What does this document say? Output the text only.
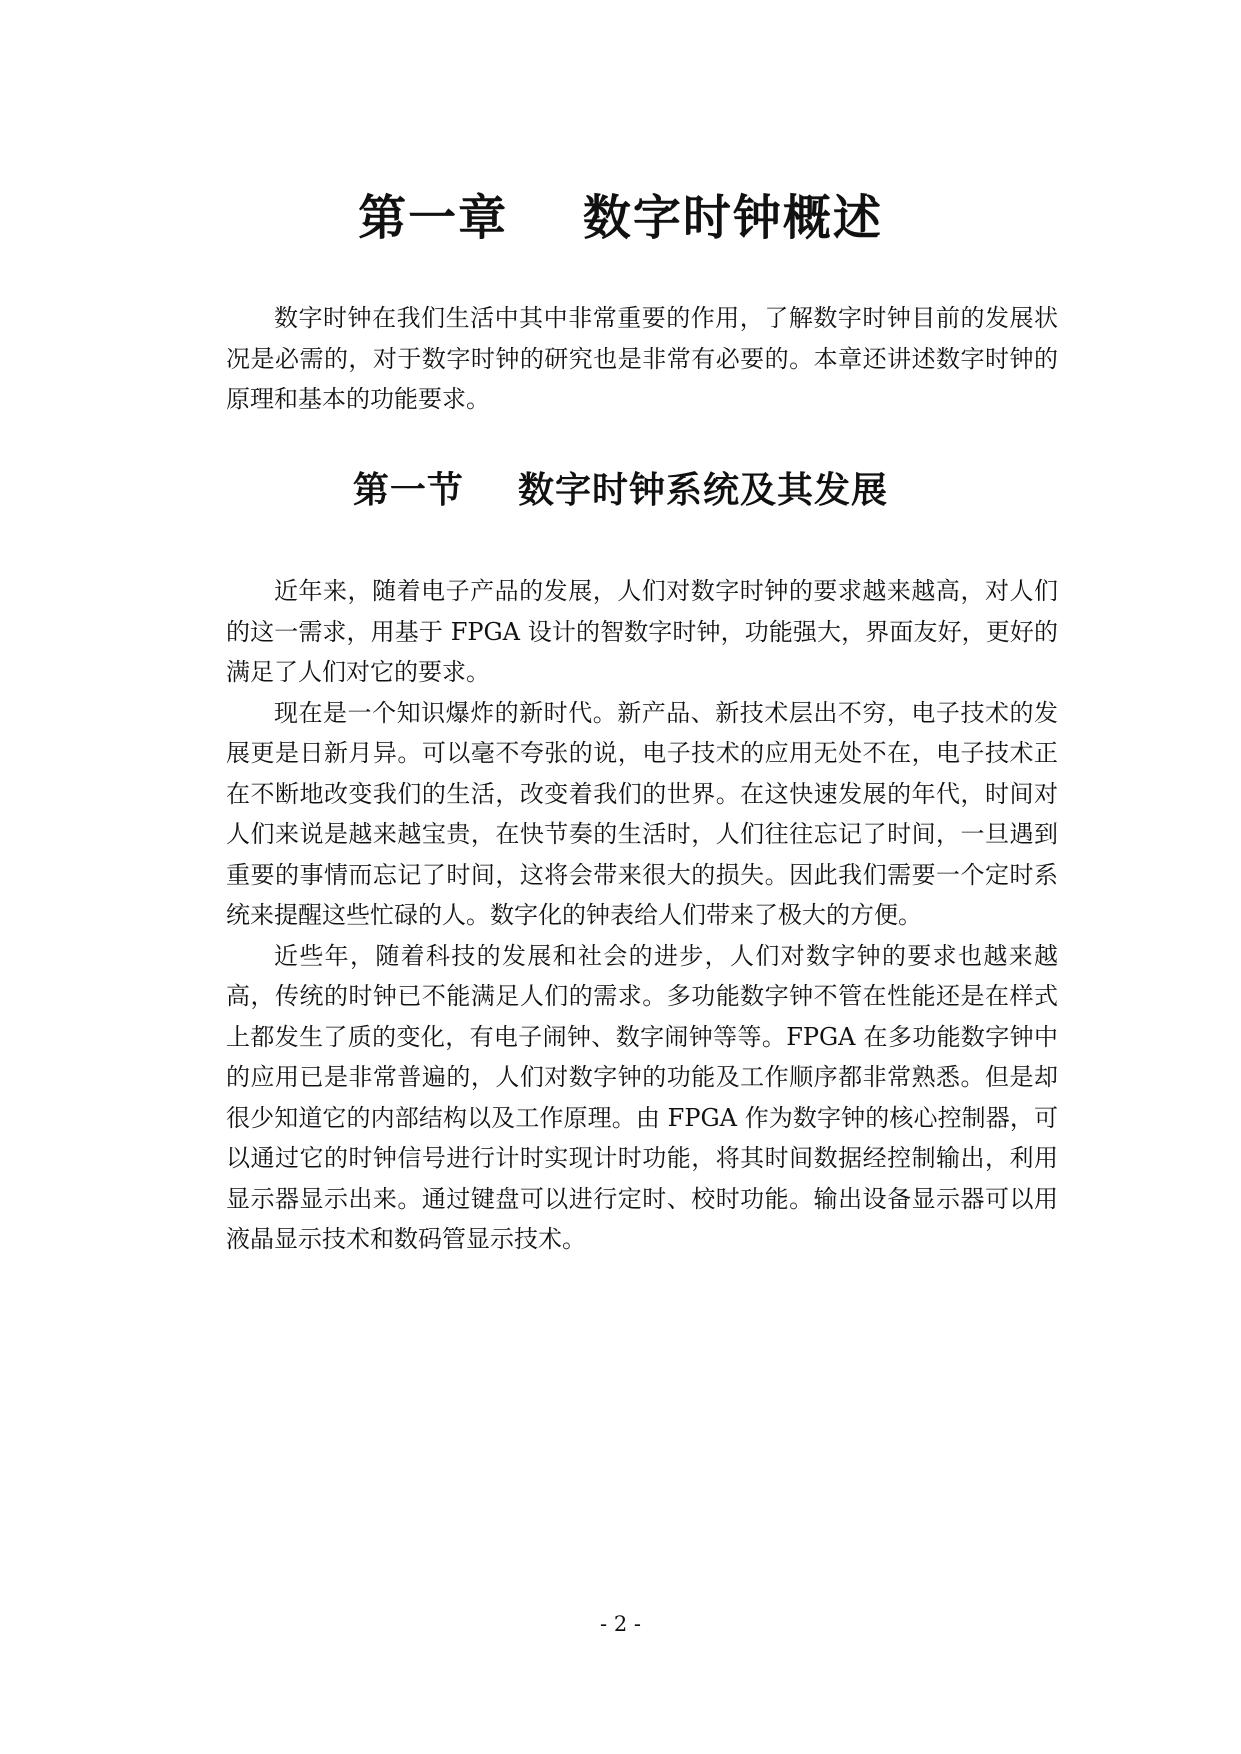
第一章    数字时钟概述

数字时钟在我们生活中其中非常重要的作用，了解数字时钟目前的发展状况是必需的，对于数字时钟的研究也是非常有必要的。本章还讲述数字时钟的原理和基本的功能要求。

第一节    数字时钟系统及其发展

近年来，随着电子产品的发展，人们对数字时钟的要求越来越高，对人们的这一需求，用基于 FPGA 设计的智数字时钟，功能强大，界面友好，更好的满足了人们对它的要求。

现在是一个知识爆炸的新时代。新产品、新技术层出不穷，电子技术的发展更是日新月异。可以毫不夸张的说，电子技术的应用无处不在，电子技术正在不断地改变我们的生活，改变着我们的世界。在这快速发展的年代，时间对人们来说是越来越宝贵，在快节奏的生活时，人们往往忘记了时间，一旦遇到重要的事情而忘记了时间，这将会带来很大的损失。因此我们需要一个定时系统来提醒这些忙碌的人。数字化的钟表给人们带来了极大的方便。

近些年，随着科技的发展和社会的进步，人们对数字钟的要求也越来越高，传统的时钟已不能满足人们的需求。多功能数字钟不管在性能还是在样式上都发生了质的变化，有电子闹钟、数字闹钟等等。FPGA 在多功能数字钟中的应用已是非常普遍的，人们对数字钟的功能及工作顺序都非常熟悉。但是却很少知道它的内部结构以及工作原理。由 FPGA 作为数字钟的核心控制器，可以通过它的时钟信号进行计时实现计时功能，将其时间数据经控制输出，利用显示器显示出来。通过键盘可以进行定时、校时功能。输出设备显示器可以用液晶显示技术和数码管显示技术。

- 2 -
